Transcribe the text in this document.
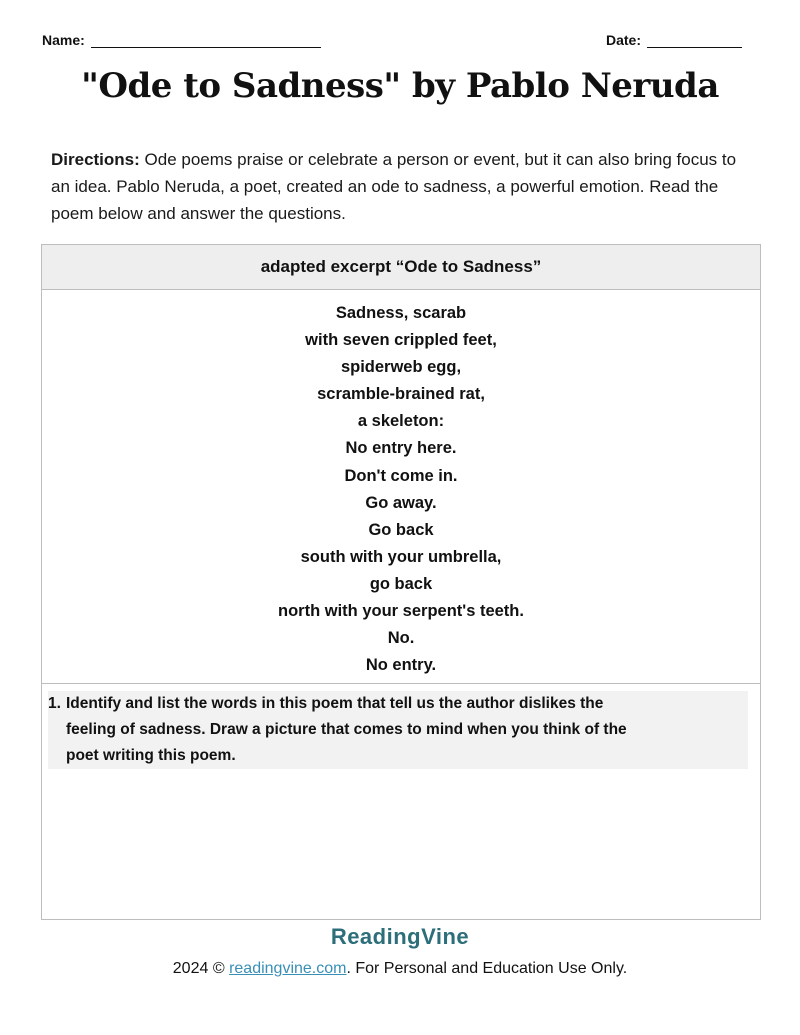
Name:	Date:
"Ode to Sadness" by Pablo Neruda
Directions: Ode poems praise or celebrate a person or event, but it can also bring focus to an idea. Pablo Neruda, a poet, created an ode to sadness, a powerful emotion. Read the poem below and answer the questions.
adapted excerpt “Ode to Sadness”
Sadness, scarab
with seven crippled feet,
spiderweb egg,
scramble-brained rat,
a skeleton:
No entry here.
Don't come in.
Go away.
Go back
south with your umbrella,
go back
north with your serpent's teeth.
No.
No entry.
1. Identify and list the words in this poem that tell us the author dislikes the
feeling of sadness. Draw a picture that comes to mind when you think of the
poet writing this poem.
ReadingVine
2024 © readingvine.com. For Personal and Education Use Only.
